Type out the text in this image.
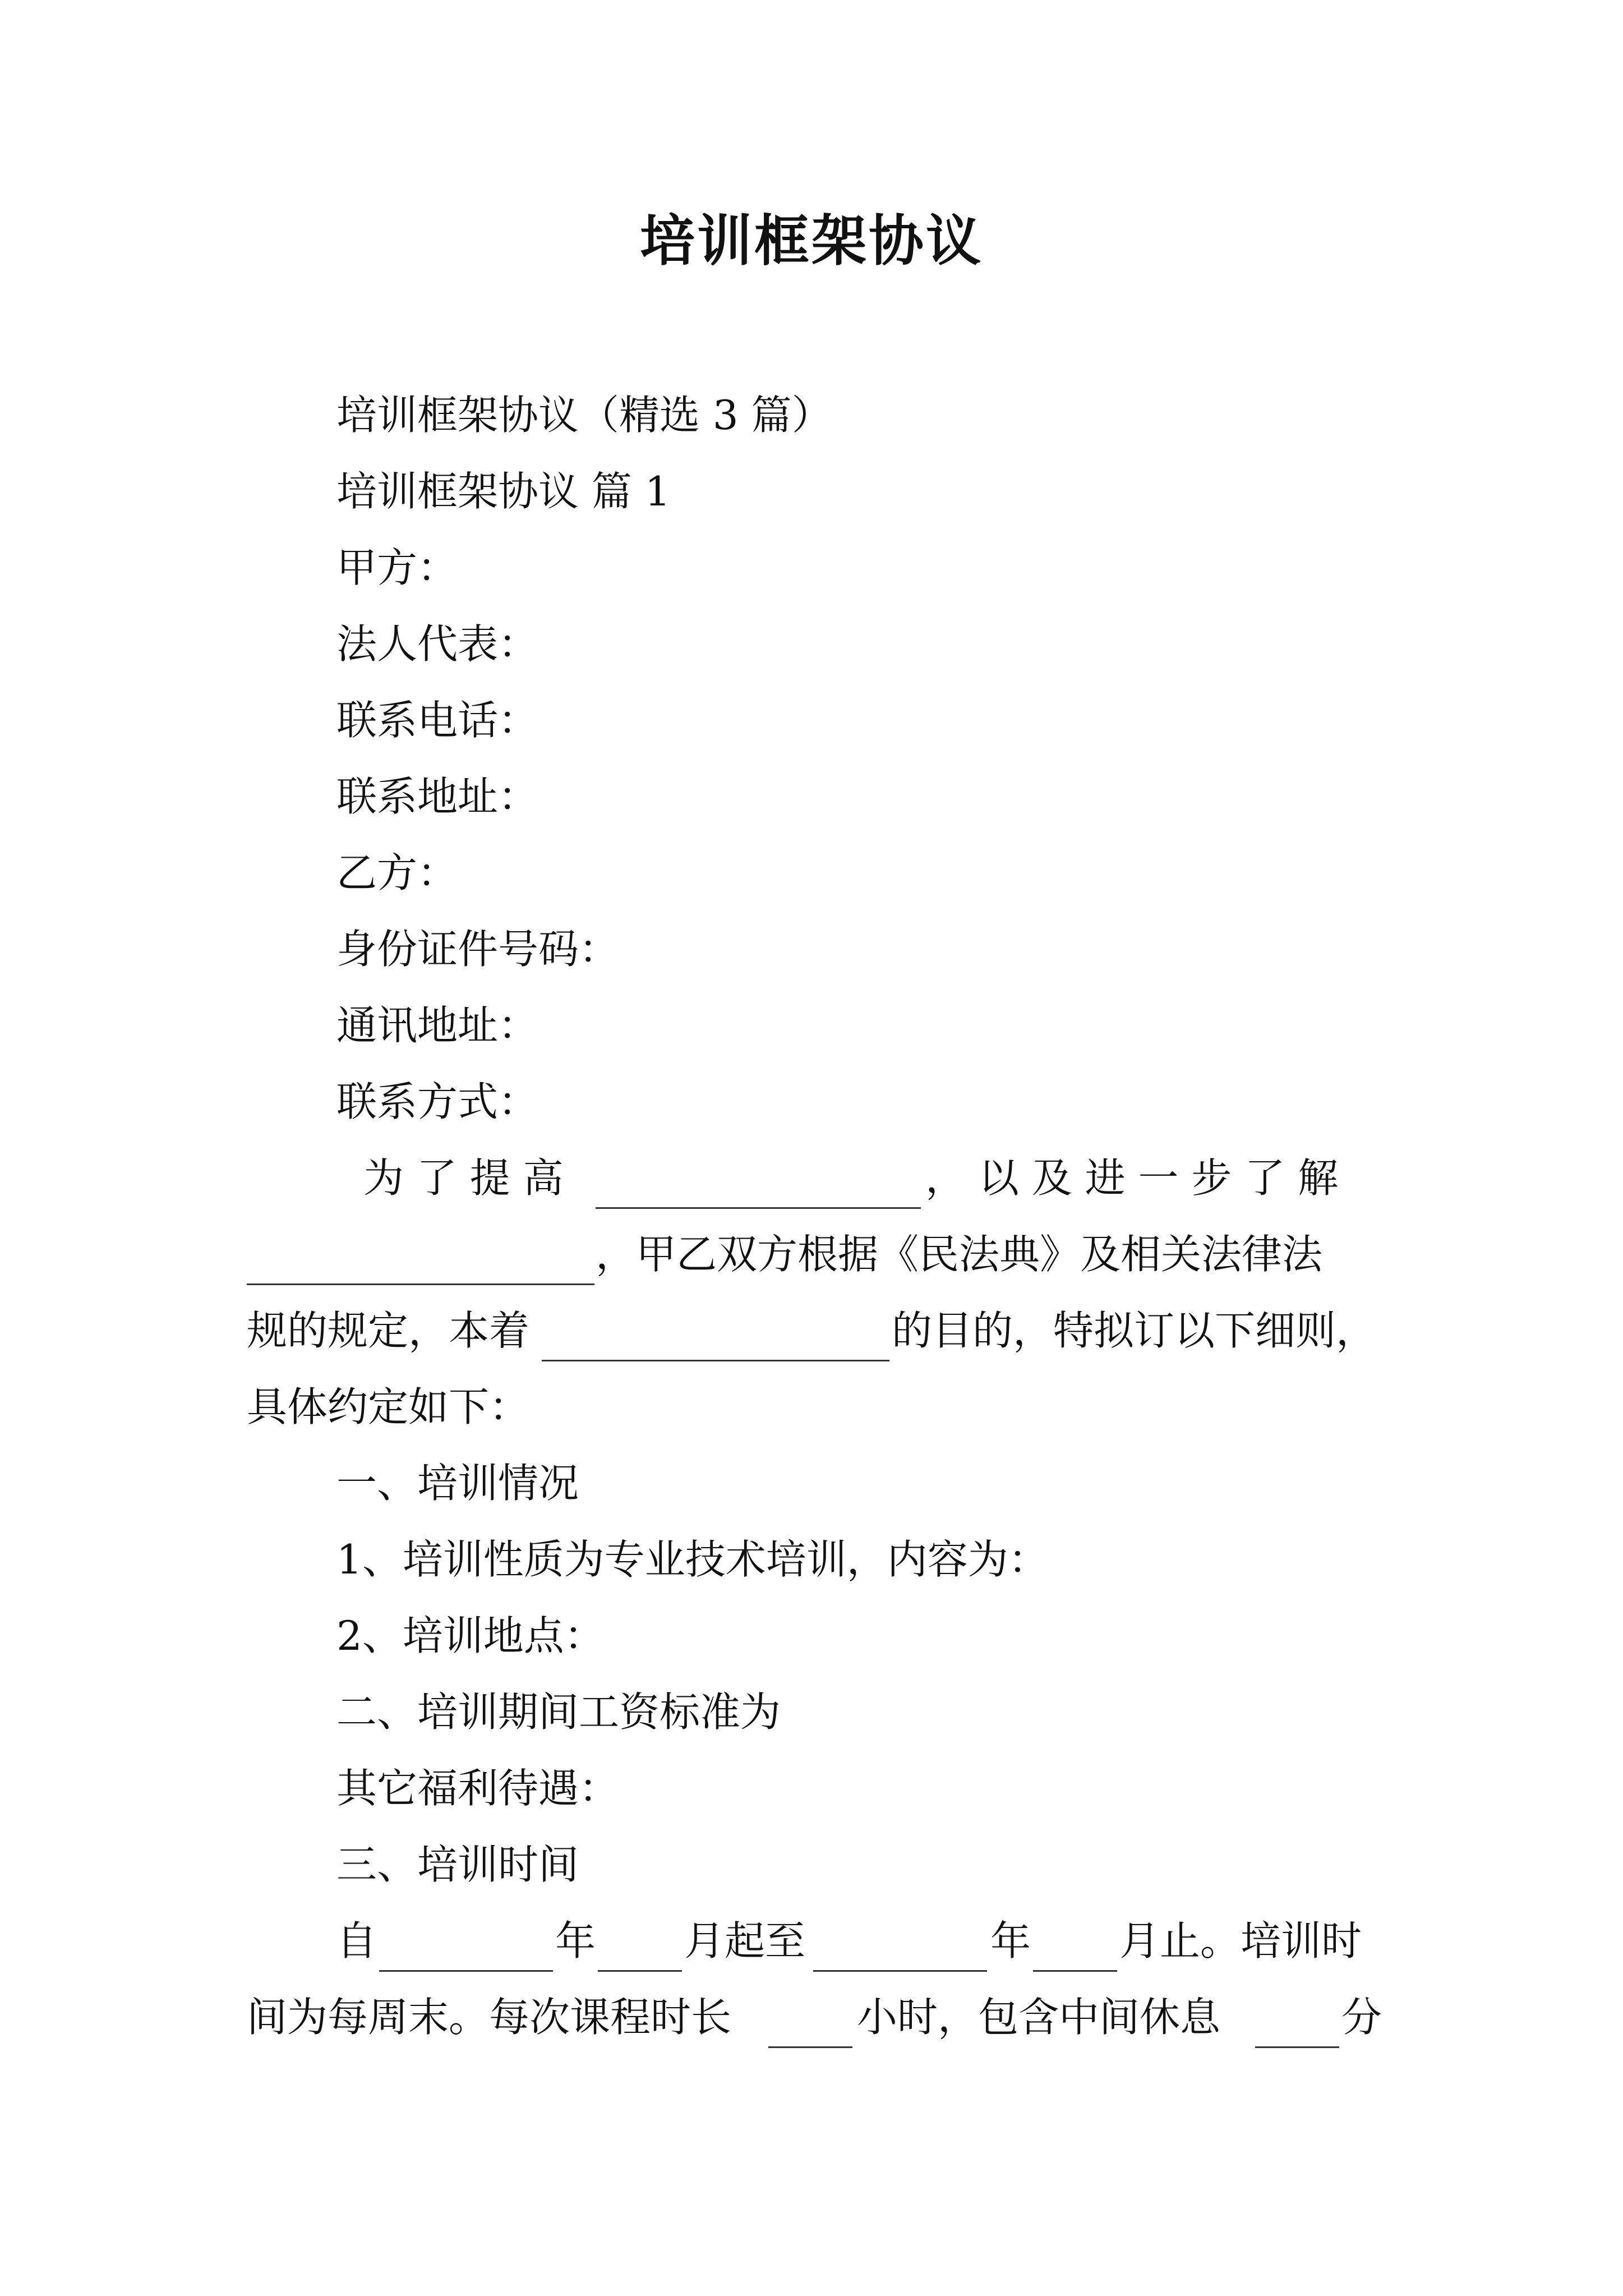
培训框架协议
培训框架协议（精选 3 篇）
培训框架协议 篇 1
甲方：
法人代表：
联系电话：
联系地址：
乙方：
身份证件号码：
通讯地址：
联系方式：
为 了 提 高	， 以 及 进 一 步 了 解
，甲乙双方根据《民法典》及相关法律法
规的规定，本着	的目的，特拟订以下细则，
具体约定如下：
一、培训情况
1、培训性质为专业技术培训，内容为：
2、培训地点：
二、培训期间工资标准为
其它福利待遇：
三、培训时间
自	年 月起至	年 月止。培训时
间为每周末。每次课程时长	小时，包含中间休息	分
